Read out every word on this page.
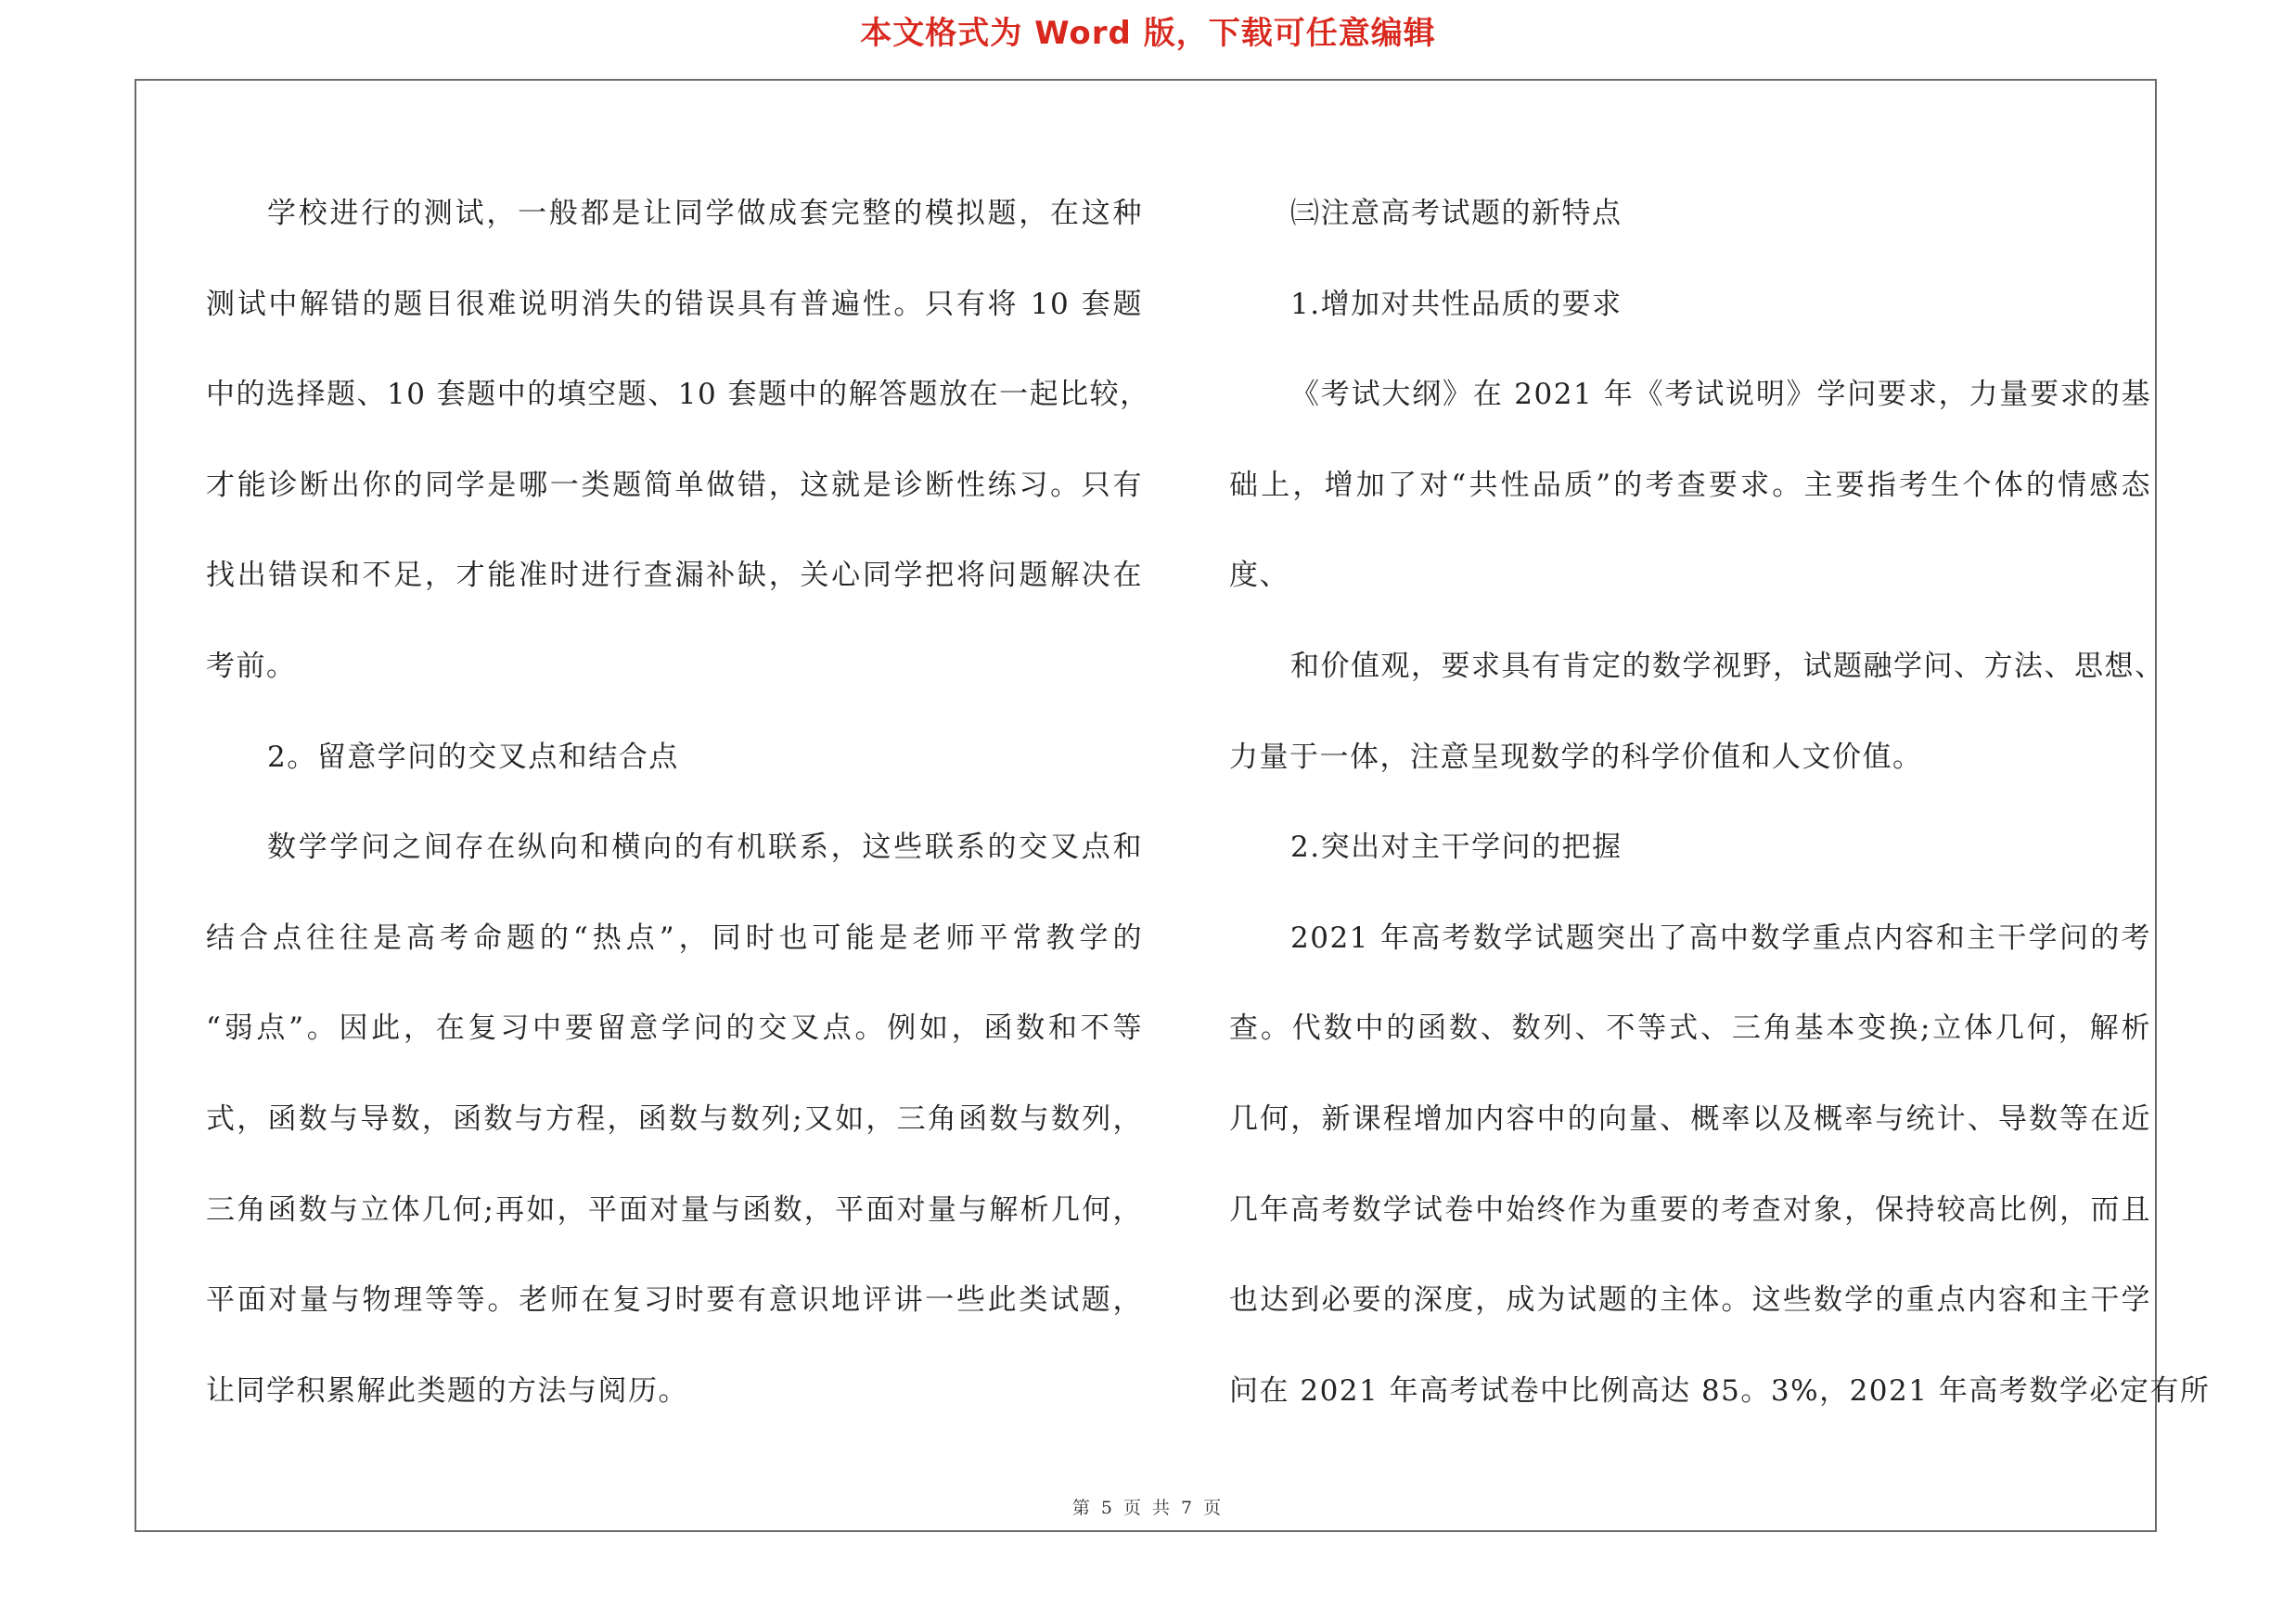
本文格式为 Word 版，下载可任意编辑
学校进行的测试，一般都是让同学做成套完整的模拟题，在这种
测试中解错的题目很难说明消失的错误具有普遍性。只有将 10 套题
中的选择题、10 套题中的填空题、10 套题中的解答题放在一起比较，
才能诊断出你的同学是哪一类题简单做错，这就是诊断性练习。只有
找出错误和不足，才能准时进行查漏补缺，关心同学把将问题解决在
考前。
2。留意学问的交叉点和结合点
数学学问之间存在纵向和横向的有机联系，这些联系的交叉点和
结合点往往是高考命题的“热点”，同时也可能是老师平常教学的
“弱点”。因此，在复习中要留意学问的交叉点。例如，函数和不等
式，函数与导数，函数与方程，函数与数列;又如，三角函数与数列，
三角函数与立体几何;再如，平面对量与函数，平面对量与解析几何，
平面对量与物理等等。老师在复习时要有意识地评讲一些此类试题，
让同学积累解此类题的方法与阅历。
㈢注意高考试题的新特点
1.增加对共性品质的要求
《考试大纲》在 2021 年《考试说明》学问要求，力量要求的基
础上，增加了对“共性品质”的考查要求。主要指考生个体的情感态
度、
和价值观，要求具有肯定的数学视野，试题融学问、方法、思想、
力量于一体，注意呈现数学的科学价值和人文价值。
2.突出对主干学问的把握
2021 年高考数学试题突出了高中数学重点内容和主干学问的考
查。代数中的函数、数列、不等式、三角基本变换;立体几何，解析
几何，新课程增加内容中的向量、概率以及概率与统计、导数等在近
几年高考数学试卷中始终作为重要的考查对象，保持较高比例，而且
也达到必要的深度，成为试题的主体。这些数学的重点内容和主干学
问在 2021 年高考试卷中比例高达 85。3%，2021 年高考数学必定有所
第 5 页 共 7 页
